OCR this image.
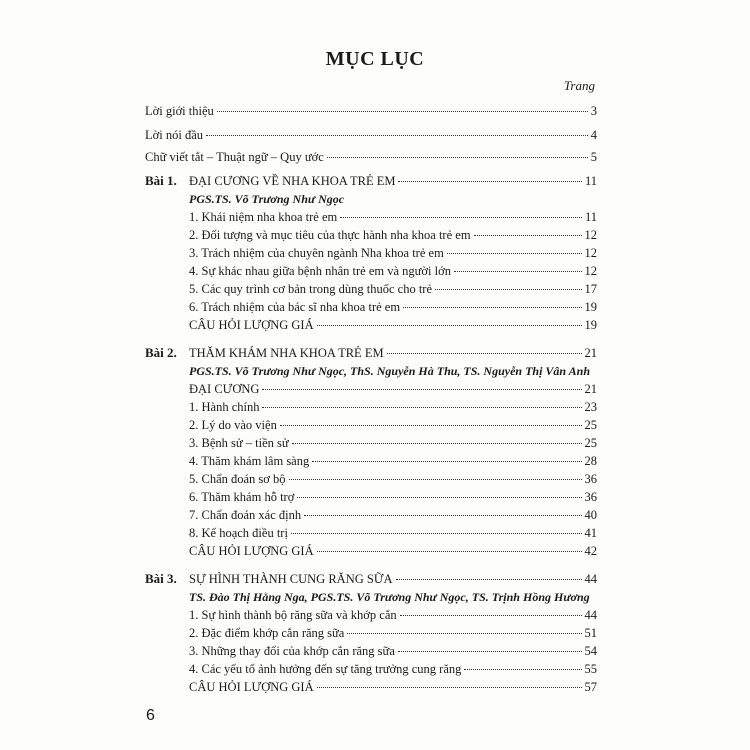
MỤC LỤC
Trang
Lời giới thiệu	3
Lời nói đầu	4
Chữ viết tắt – Thuật ngữ – Quy ước	5
Bài 1. ĐẠI CƯƠNG VỀ NHA KHOA TRẺ EM	11
PGS.TS. Võ Trương Như Ngọc
1. Khái niệm nha khoa trẻ em	11
2. Đối tượng và mục tiêu của thực hành nha khoa trẻ em	12
3. Trách nhiệm của chuyên ngành Nha khoa trẻ em	12
4. Sự khác nhau giữa bệnh nhân trẻ em và người lớn	12
5. Các quy trình cơ bản trong dùng thuốc cho trẻ	17
6. Trách nhiệm của bác sĩ nha khoa trẻ em	19
CÂU HỎI LƯỢNG GIÁ	19
Bài 2. THĂM KHÁM NHA KHOA TRẺ EM	21
PGS.TS. Võ Trương Như Ngọc, ThS. Nguyễn Hà Thu, TS. Nguyễn Thị Vân Anh
ĐẠI CƯƠNG	21
1. Hành chính	23
2. Lý do vào viện	25
3. Bệnh sử – tiền sử	25
4. Thăm khám lâm sàng	28
5. Chẩn đoán sơ bộ	36
6. Thăm khám hỗ trợ	36
7. Chẩn đoán xác định	40
8. Kế hoạch điều trị	41
CÂU HỎI LƯỢNG GIÁ	42
Bài 3. SỰ HÌNH THÀNH CUNG RĂNG SỮA	44
TS. Đào Thị Hằng Nga, PGS.TS. Võ Trương Như Ngọc, TS. Trịnh Hồng Hương
1. Sự hình thành bộ răng sữa và khớp cắn	44
2. Đặc điểm khớp cắn răng sữa	51
3. Những thay đổi của khớp cắn răng sữa	54
4. Các yếu tố ảnh hưởng đến sự tăng trưởng cung răng	55
CÂU HỎI LƯỢNG GIÁ	57
6
